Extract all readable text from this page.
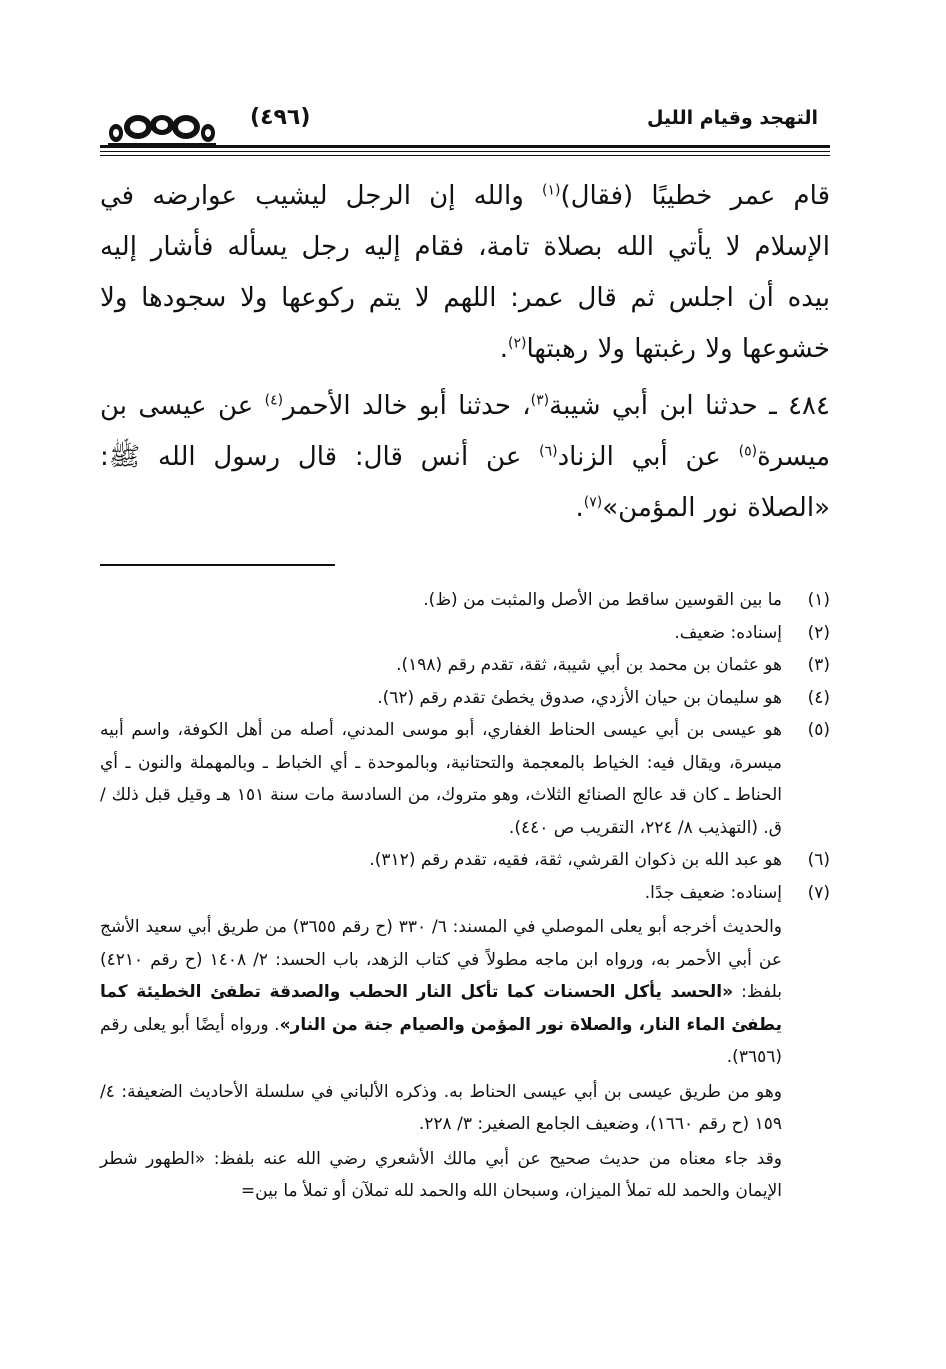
التهجد وقيام الليل
(٤٩٦)

قام عمر خطيبًا (فقال)$^{(١)}$ والله إن الرجل ليشيب عوارضه في الإسلام لا يأتي الله بصلاة تامة، فقام إليه رجل يسأله فأشار إليه بيده أن اجلس ثم قال عمر: اللهم لا يتم ركوعها ولا سجودها ولا خشوعها ولا رغبتها ولا رهبتها$^{(٢)}$.

٤٨٤ ـ حدثنا ابن أبي شيبة$^{(٣)}$، حدثنا أبو خالد الأحمر$^{(٤)}$ عن عيسى بن ميسرة$^{(٥)}$ عن أبي الزناد$^{(٦)}$ عن أنس قال: قال رسول الله ﷺ: «الصلاة نور المؤمن»$^{(٧)}$.

(١)

ما بين القوسين ساقط من الأصل والمثبت من (ظ).

(٢)

إسناده: ضعيف.

(٣)

هو عثمان بن محمد بن أبي شيبة، ثقة، تقدم رقم (١٩٨).

(٤)

هو سليمان بن حيان الأزدي، صدوق يخطئ تقدم رقم (٦٢).

(٥)

هو عيسى بن أبي عيسى الحناط الغفاري، أبو موسى المدني، أصله من أهل الكوفة، واسم أبيه ميسرة، ويقال فيه: الخياط بالمعجمة والتحتانية، وبالموحدة ـ أي الخباط ـ وبالمهملة والنون ـ أي الحناط ـ كان قد عالج الصنائع الثلاث، وهو متروك، من السادسة مات سنة ١٥١ هـ وقيل قبل ذلك / ق. (التهذيب ٨/ ٢٢٤، التقريب ص ٤٤٠).

(٦)

هو عبد الله بن ذكوان القرشي، ثقة، فقيه، تقدم رقم (٣١٢).

(٧)

إسناده: ضعيف جدًا.

والحديث أخرجه أبو يعلى الموصلي في المسند: ٦/ ٣٣٠ (ح رقم ٣٦٥٥) من طريق أبي سعيد الأشج عن أبي الأحمر به، ورواه ابن ماجه مطولاً في كتاب الزهد، باب الحسد: ٢/ ١٤٠٨ (ح رقم ٤٢١٠) بلفظ: «الحسد يأكل الحسنات كما تأكل النار الحطب والصدقة تطفئ الخطيئة كما يطفئ الماء النار، والصلاة نور المؤمن والصيام جنة من النار». ورواه أيضًا أبو يعلى رقم (٣٦٥٦).

وهو من طريق عيسى بن أبي عيسى الحناط به. وذكره الألباني في سلسلة الأحاديث الضعيفة: ٤/ ١٥٩ (ح رقم ١٦٦٠)، وضعيف الجامع الصغير: ٣/ ٢٢٨.

وقد جاء معناه من حديث صحيح عن أبي مالك الأشعري رضي الله عنه بلفظ: «الطهور شطر الإيمان والحمد لله تملأ الميزان، وسبحان الله والحمد لله تملآن أو تملأ ما بين=
